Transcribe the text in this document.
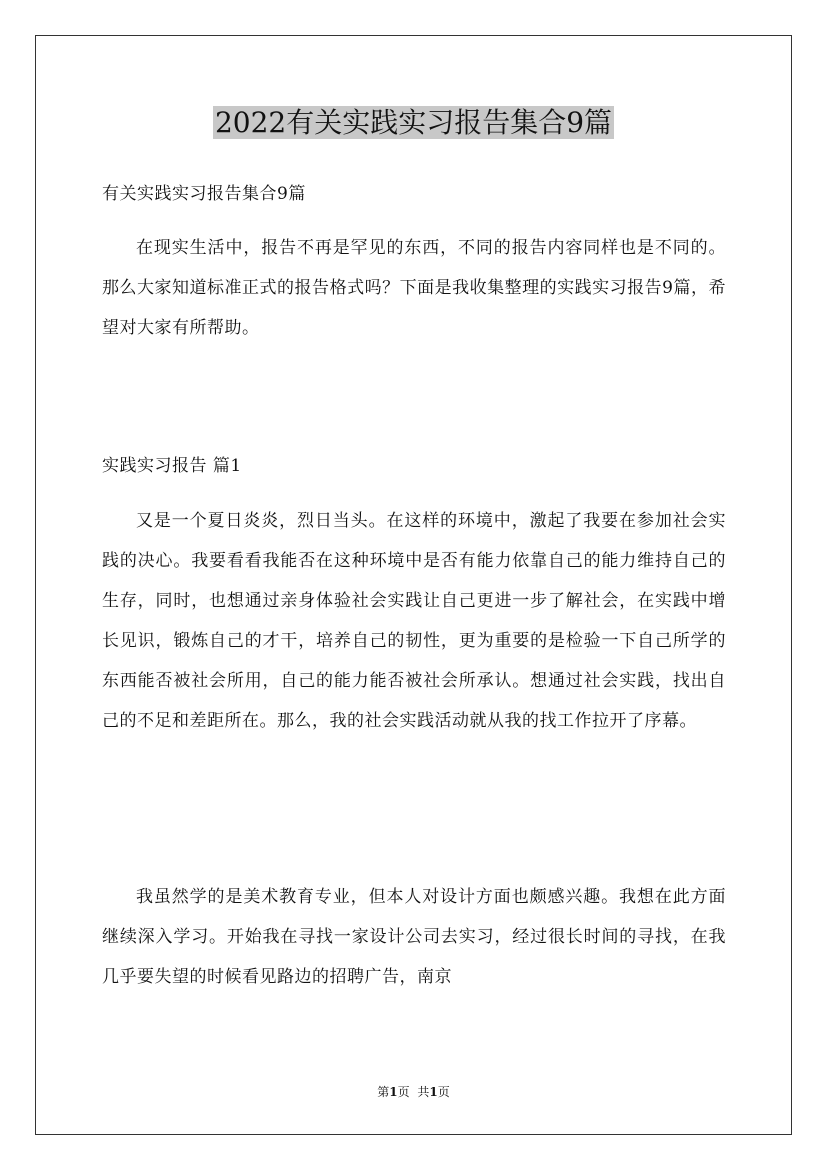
2022有关实践实习报告集合9篇
有关实践实习报告集合9篇
在现实生活中，报告不再是罕见的东西，不同的报告内容同样也是不同的。那么大家知道标准正式的报告格式吗？下面是我收集整理的实践实习报告9篇，希望对大家有所帮助。
实践实习报告 篇1
又是一个夏日炎炎，烈日当头。在这样的环境中，激起了我要在参加社会实践的决心。我要看看我能否在这种环境中是否有能力依靠自己的能力维持自己的生存，同时，也想通过亲身体验社会实践让自己更进一步了解社会，在实践中增长见识，锻炼自己的才干，培养自己的韧性，更为重要的是检验一下自己所学的东西能否被社会所用，自己的能力能否被社会所承认。想通过社会实践，找出自己的不足和差距所在。那么，我的社会实践活动就从我的找工作拉开了序幕。
我虽然学的是美术教育专业，但本人对设计方面也颇感兴趣。我想在此方面继续深入学习。开始我在寻找一家设计公司去实习，经过很长时间的寻找，在我几乎要失望的时候看见路边的招聘广告，南京
第1页 共1页
